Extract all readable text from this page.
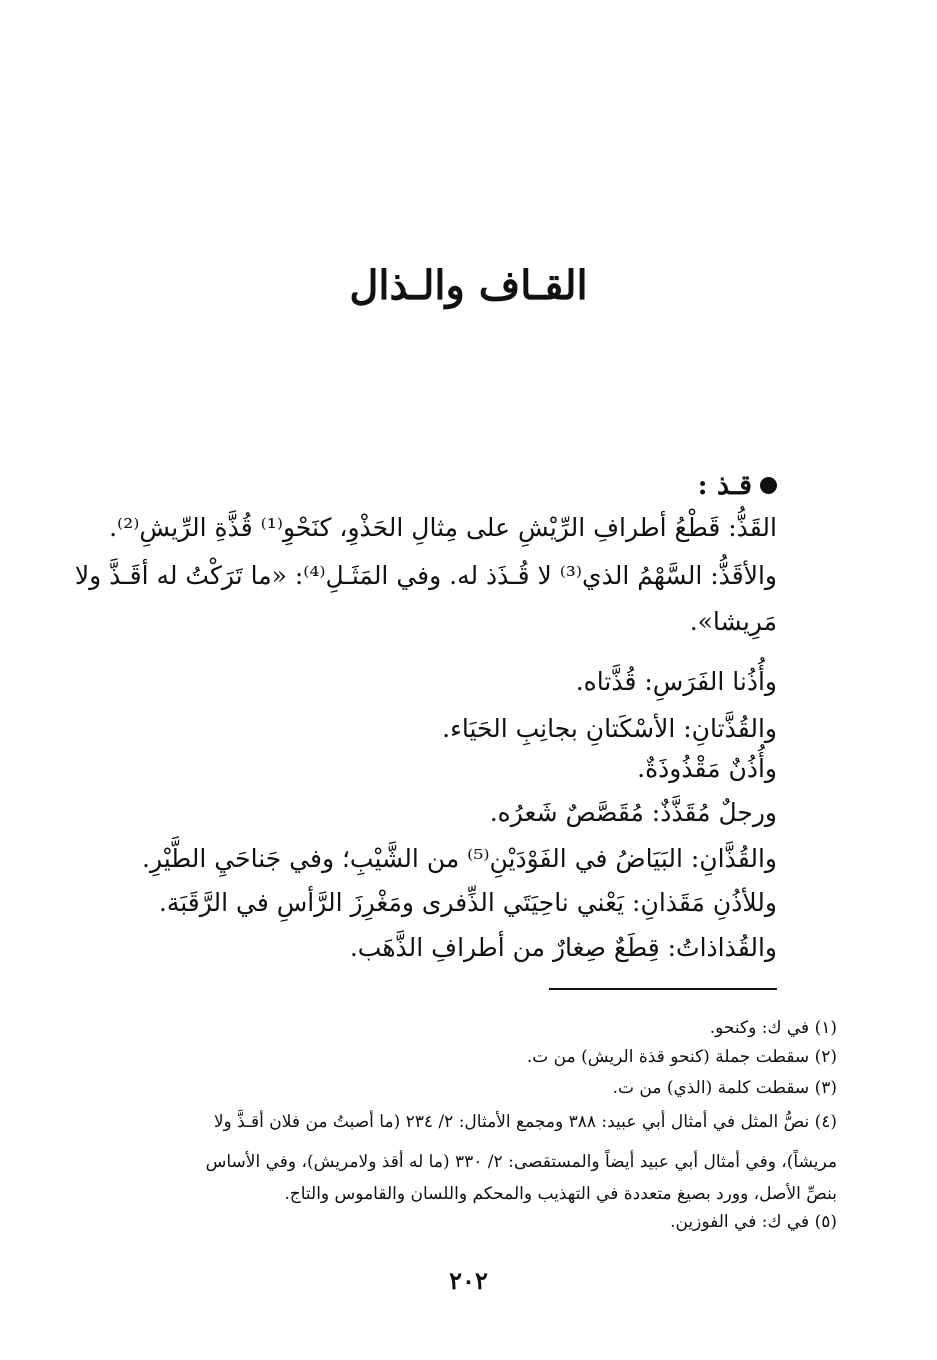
القـاف والـذال
قـذ :
القَذُّ: قَطْعُ أطرافِ الرِّيْشِ على مِثالِ الحَذْوِ، كنَحْوِ⁽¹⁾ قُذَّةِ الرِّيشِ⁽²⁾.
والأقَذُّ: السَّهْمُ الذي⁽³⁾ لا قُـذَذ له. وفي المَثَـلِ⁽⁴⁾: «ما تَرَكْتُ له أقَـذَّ ولا
مَرِيشا».
وأُذُنا الفَرَسِ: قُذَّتاه.
والقُذَّتانِ: الأسْكَتانِ بجانِبِ الحَيَاء.
وأُذُنٌ مَقْذُوذَةٌ.
ورجلٌ مُقَذَّذٌ: مُقَصَّصٌ شَعرُه.
والقُذَّانِ: البَيَاضُ في الفَوْدَيْنِ⁽⁵⁾ من الشَّيْبِ؛ وفي جَناحَيِ الطَّيْرِ.
وللأذُنِ مَقَذانِ: يَعْني ناحِيَتَي الذِّفرى ومَغْرِزَ الرَّأسِ في الرَّقَبَة.
والقُذاذاتُ: قِطَعٌ صِغارٌ من أطرافِ الذَّهَب.
(١) في ك: وكنحو.
(٢) سقطت جملة (كنحو قذة الريش) من ت.
(٣) سقطت كلمة (الذي) من ت.
(٤) نصُّ المثل في أمثال أبي عبيد: ٣٨٨ ومجمع الأمثال: ٢/ ٢٣٤ (ما أصبتُ من فلان أقـذَّ ولا
مريشاً)، وفي أمثال أبي عبيد أيضاً والمستقصى: ٢/ ٣٣٠ (ما له أقذ ولامريش)، وفي الأساس
بنصِّ الأصل، وورد بصيغ متعددة في التهذيب والمحكم واللسان والقاموس والتاج.
(٥) في ك: في الفوزين.
٢٠٢
